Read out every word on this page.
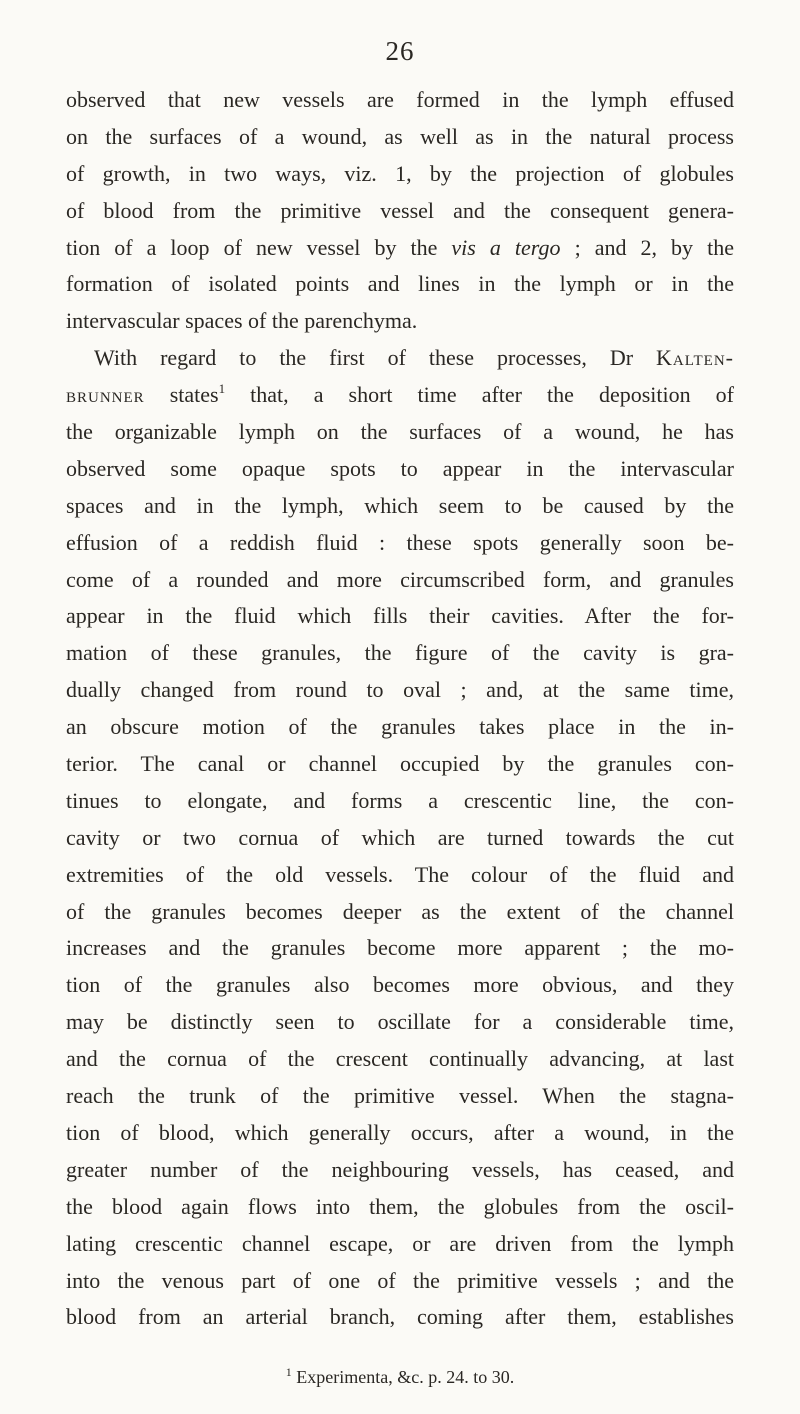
26
observed that new vessels are formed in the lymph effused
on the surfaces of a wound, as well as in the natural process
of growth, in two ways, viz. 1, by the projection of globules
of blood from the primitive vessel and the consequent genera-
tion of a loop of new vessel by the vis a tergo ; and 2, by the
formation of isolated points and lines in the lymph or in the
intervascular spaces of the parenchyma.
With regard to the first of these processes, Dr Kalten-
brunner states$^1$ that, a short time after the deposition of
the organizable lymph on the surfaces of a wound, he has
observed some opaque spots to appear in the intervascular
spaces and in the lymph, which seem to be caused by the
effusion of a reddish fluid : these spots generally soon be-
come of a rounded and more circumscribed form, and granules
appear in the fluid which fills their cavities. After the for-
mation of these granules, the figure of the cavity is gra-
dually changed from round to oval ; and, at the same time,
an obscure motion of the granules takes place in the in-
terior. The canal or channel occupied by the granules con-
tinues to elongate, and forms a crescentic line, the con-
cavity or two cornua of which are turned towards the cut
extremities of the old vessels. The colour of the fluid and
of the granules becomes deeper as the extent of the channel
increases and the granules become more apparent ; the mo-
tion of the granules also becomes more obvious, and they
may be distinctly seen to oscillate for a considerable time,
and the cornua of the crescent continually advancing, at last
reach the trunk of the primitive vessel. When the stagna-
tion of blood, which generally occurs, after a wound, in the
greater number of the neighbouring vessels, has ceased, and
the blood again flows into them, the globules from the oscil-
lating crescentic channel escape, or are driven from the lymph
into the venous part of one of the primitive vessels ; and the
blood from an arterial branch, coming after them, establishes
$^1$ Experimenta, &c. p. 24. to 30.
